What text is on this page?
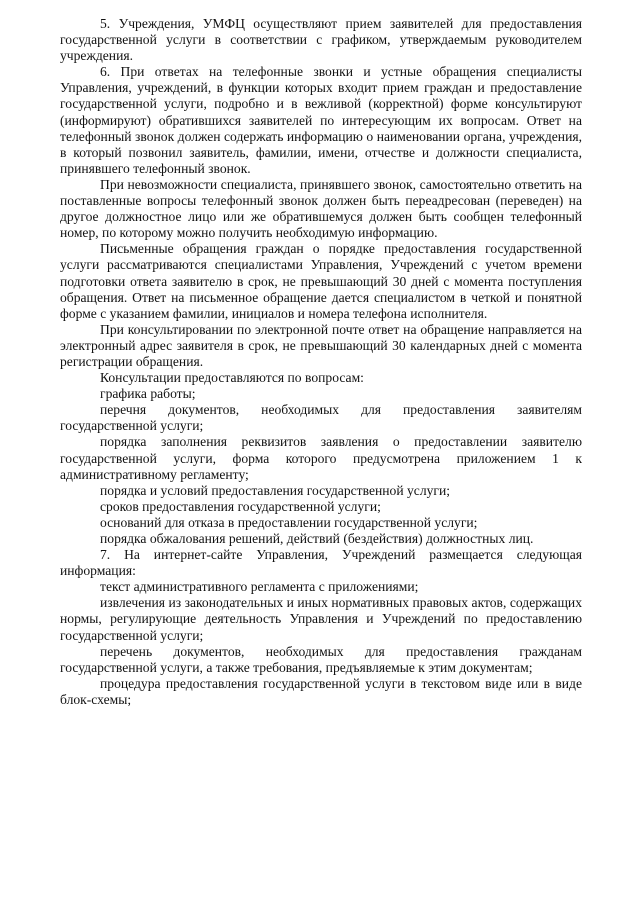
5. Учреждения, УМФЦ осуществляют прием заявителей для предоставления государственной услуги в соответствии с графиком, утверждаемым руководителем учреждения.

6. При ответах на телефонные звонки и устные обращения специалисты Управления, учреждений, в функции которых входит прием граждан и предоставление государственной услуги, подробно и в вежливой (корректной) форме консультируют (информируют) обратившихся заявителей по интересующим их вопросам. Ответ на телефонный звонок должен содержать информацию о наименовании органа, учреждения, в который позвонил заявитель, фамилии, имени, отчестве и должности специалиста, принявшего телефонный звонок.

При невозможности специалиста, принявшего звонок, самостоятельно ответить на поставленные вопросы телефонный звонок должен быть переадресован (переведен) на другое должностное лицо или же обратившемуся должен быть сообщен телефонный номер, по которому можно получить необходимую информацию.

Письменные обращения граждан о порядке предоставления государственной услуги рассматриваются специалистами Управления, Учреждений с учетом времени подготовки ответа заявителю в срок, не превышающий 30 дней с момента поступления обращения. Ответ на письменное обращение дается специалистом в четкой и понятной форме с указанием фамилии, инициалов и номера телефона исполнителя.

При консультировании по электронной почте ответ на обращение направляется на электронный адрес заявителя в срок, не превышающий 30 календарных дней с момента регистрации обращения.

Консультации предоставляются по вопросам:

графика работы;

перечня документов, необходимых для предоставления заявителям государственной услуги;

порядка заполнения реквизитов заявления о предоставлении заявителю государственной услуги, форма которого предусмотрена приложением 1 к административному регламенту;

порядка и условий предоставления государственной услуги;

сроков предоставления государственной услуги;

оснований для отказа в предоставлении государственной услуги;

порядка обжалования решений, действий (бездействия) должностных лиц.

7. На интернет-сайте Управления, Учреждений размещается следующая информация:

текст административного регламента с приложениями;

извлечения из законодательных и иных нормативных правовых актов, содержащих нормы, регулирующие деятельность Управления и Учреждений по предоставлению государственной услуги;

перечень документов, необходимых для предоставления гражданам государственной услуги, а также требования, предъявляемые к этим документам;

процедура предоставления государственной услуги в текстовом виде или в виде блок-схемы;
